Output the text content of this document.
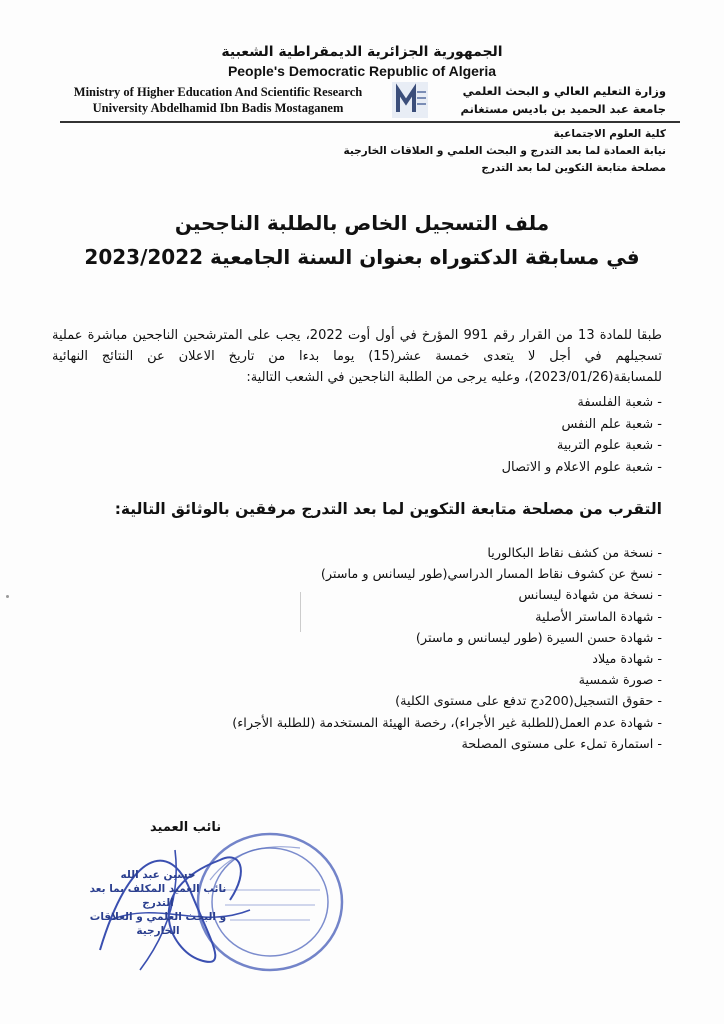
الجمهورية الجزائرية الديمقراطية الشعبية
People's Democratic Republic of Algeria
Ministry of Higher Education And Scientific Research
University Abdelhamid Ibn Badis Mostaganem
وزارة التعليم العالي و البحث العلمي
جامعة عبد الحميد بن باديس مستغانم
كلية العلوم الاجتماعية
نيابة العمادة لما بعد التدرج و البحث العلمي و العلاقات الخارجية
مصلحة متابعة التكوين لما بعد التدرج
ملف التسجيل الخاص بالطلبة الناجحين
في مسابقة الدكتوراه بعنوان السنة الجامعية 2023/2022
طبقا للمادة 13 من القرار رقم 991 المؤرخ في أول أوت 2022، يجب على المترشحين الناجحين مباشرة عملية تسجيلهم في أجل لا يتعدى خمسة عشر(15) يوما بدءا من تاريخ الاعلان عن النتائج النهائية للمسابقة(2023/01/26)، وعليه يرجى من الطلبة الناجحين في الشعب التالية:
- شعبة الفلسفة
- شعبة علم النفس
- شعبة علوم التربية
- شعبة علوم الاعلام و الاتصال
التقرب من مصلحة متابعة التكوين لما بعد التدرج مرفقين بالوثائق التالية:
- نسخة من كشف نقاط البكالوريا
- نسخ عن كشوف نقاط المسار الدراسي(طور ليسانس و ماستر)
- نسخة من شهادة ليسانس
- شهادة الماستر الأصلية
- شهادة حسن السيرة (طور ليسانس و ماستر)
- شهادة ميلاد
- صورة شمسية
- حقوق التسجيل(200دج تدفع على مستوى الكلية)
- شهادة عدم العمل(للطلبة غير الأجراء)، رخصة الهيئة المستخدمة (للطلبة الأجراء)
- استمارة تملء على مستوى المصلحة
نائب العميد
حسين عبد الله
نائب العميد المكلف بما بعد التدرج
و البحث العلمي و العلاقات الخارجية
